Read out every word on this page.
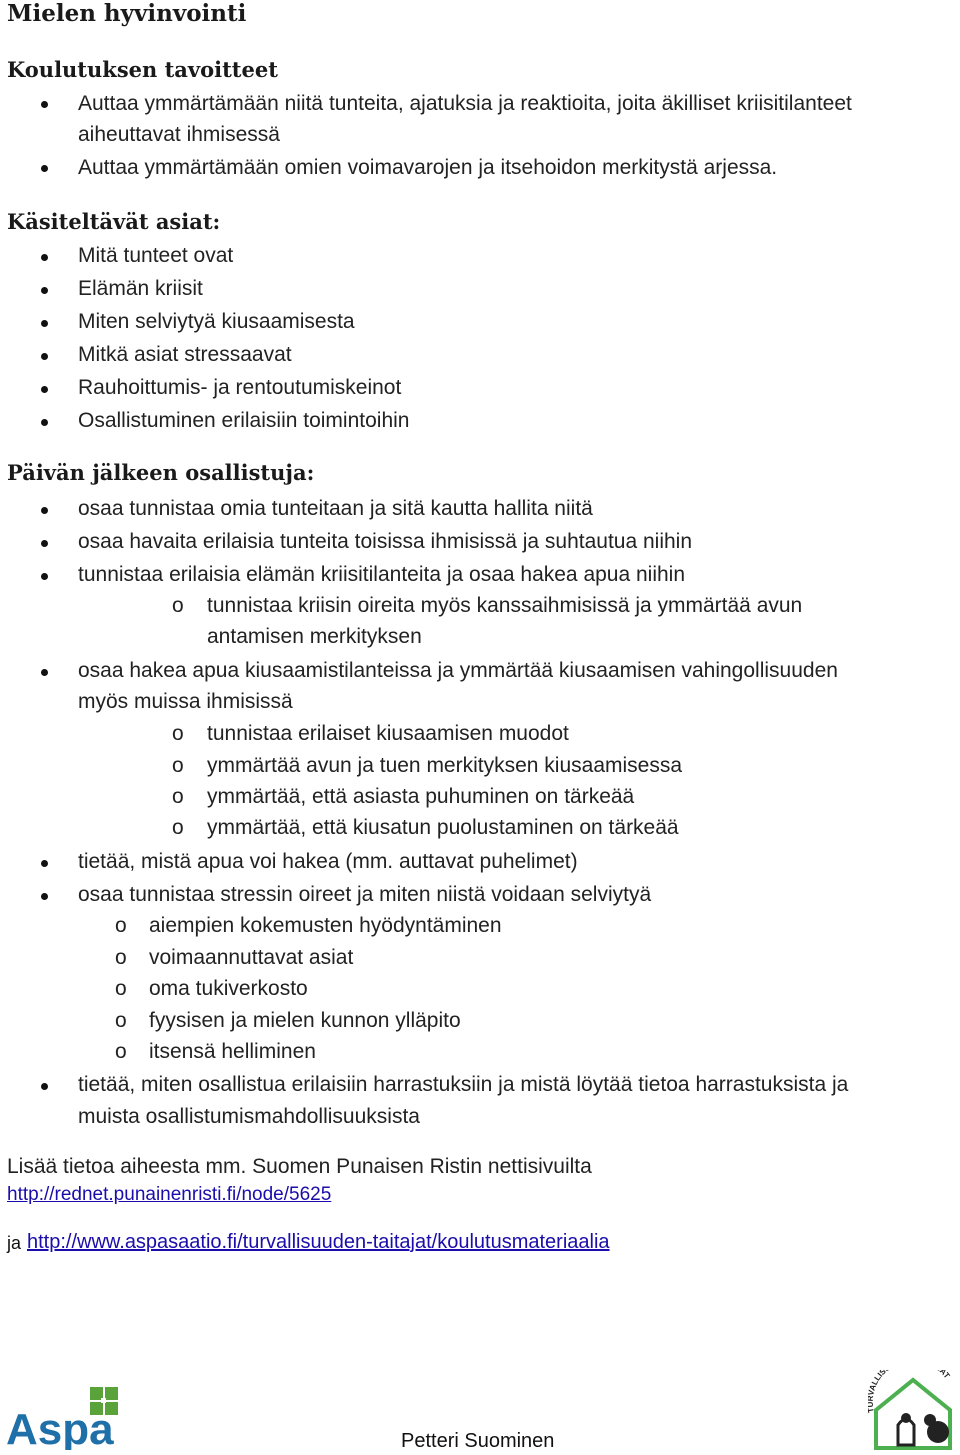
Mielen hyvinvointi
Koulutuksen tavoitteet

Auttaa ymmärtämään niitä tunteita, ajatuksia ja reaktioita, joita äkilliset kriisitilanteet

aiheuttavat ihmisessä

Auttaa ymmärtämään omien voimavarojen ja itsehoidon merkitystä arjessa.

Käsiteltävät asiat:

Mitä tunteet ovat

Elämän kriisit

Miten selviytyä kiusaamisesta

Mitkä asiat stressaavat

Rauhoittumis- ja rentoutumiskeinot

Osallistuminen erilaisiin toimintoihin

Päivän jälkeen osallistuja:

osaa tunnistaa omia tunteitaan ja sitä kautta hallita niitä

osaa havaita erilaisia tunteita toisissa ihmisissä ja suhtautua niihin

tunnistaa erilaisia elämän kriisitilanteita ja osaa hakea apua niihin

o tunnistaa kriisin oireita myös kanssaihmisissä ja ymmärtää avun

antamisen merkityksen

osaa hakea apua kiusaamistilanteissa ja ymmärtää kiusaamisen vahingollisuuden

myös muissa ihmisissä

o tunnistaa erilaiset kiusaamisen muodot

o ymmärtää avun ja tuen merkityksen kiusaamisessa

o ymmärtää, että asiasta puhuminen on tärkeää

o ymmärtää, että kiusatun puolustaminen on tärkeää

tietää, mistä apua voi hakea (mm. auttavat puhelimet)

osaa tunnistaa stressin oireet ja miten niistä voidaan selviytyä

o aiempien kokemusten hyödyntäminen

o voimaannuttavat asiat

o oma tukiverkosto

o fyysisen ja mielen kunnon ylläpito

o itsensä helliminen

tietää, miten osallistua erilaisiin harrastuksiin ja mistä löytää tietoa harrastuksista ja

muista osallistumismahdollisuuksista

Lisää tietoa aiheesta mm. Suomen Punaisen Ristin nettisivuilta

http://rednet.punainenristi.fi/node/5625
ja http://www.aspasaatio.fi/turvallisuuden-taitajat/koulutusmateriaalia
Aspa	Petteri Suominen
ALLIS AT
